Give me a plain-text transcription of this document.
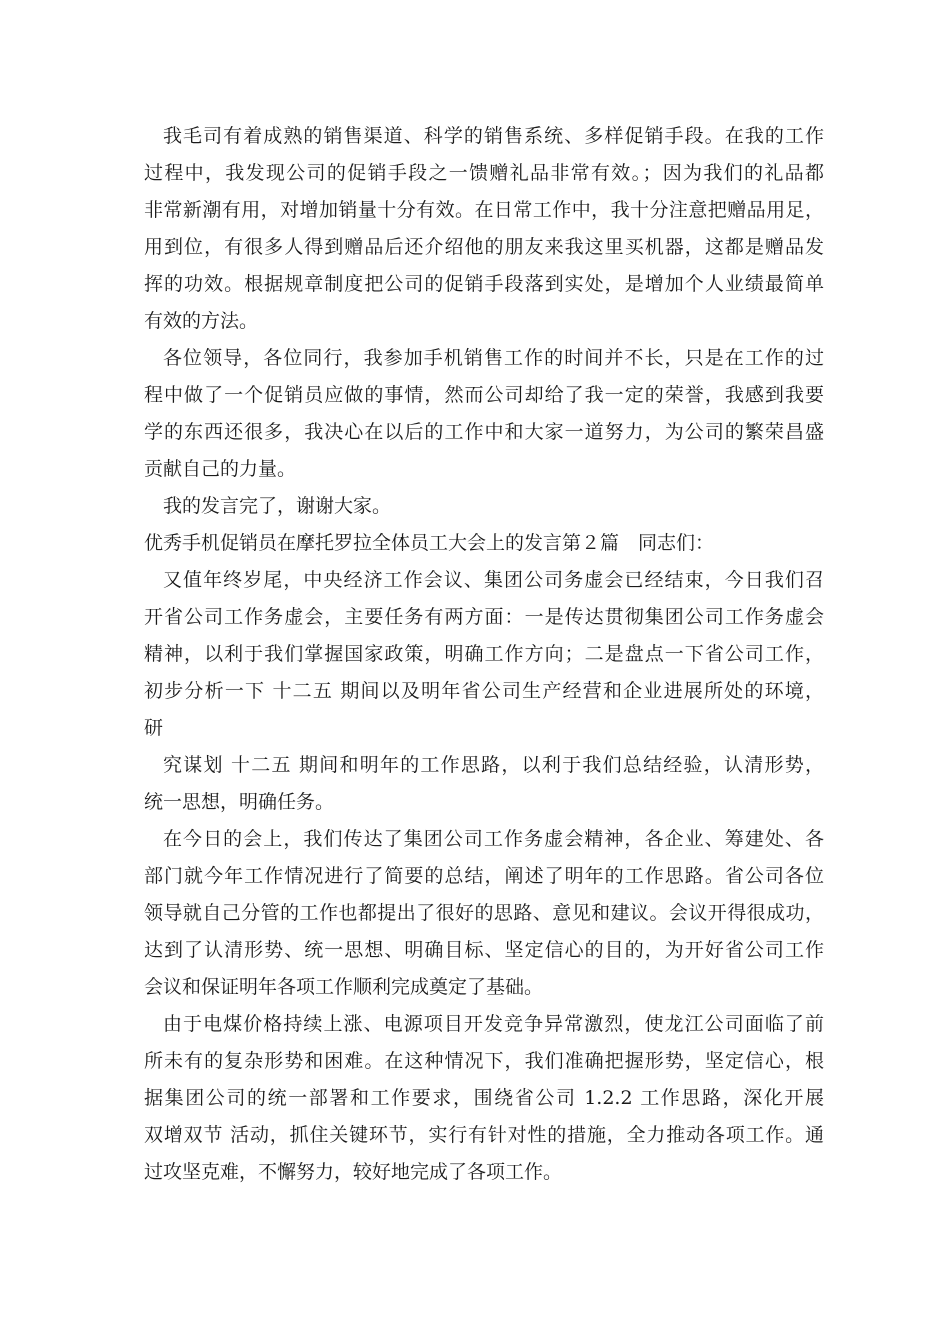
我毛司有着成熟的销售渠道、科学的销售系统、多样促销手段。在我的工作
过程中，我发现公司的促销手段之一馈赠礼品非常有效。；因为我们的礼品都
非常新潮有用，对增加销量十分有效。在日常工作中，我十分注意把赠品用足，
用到位，有很多人得到赠品后还介绍他的朋友来我这里买机器，这都是赠品发
挥的功效。根据规章制度把公司的促销手段落到实处，是增加个人业绩最简单
有效的方法。
各位领导，各位同行，我参加手机销售工作的时间并不长，只是在工作的过
程中做了一个促销员应做的事情，然而公司却给了我一定的荣誉，我感到我要
学的东西还很多，我决心在以后的工作中和大家一道努力，为公司的繁荣昌盛
贡献自己的力量。
我的发言完了，谢谢大家。
优秀手机促销员在摩托罗拉全体员工大会上的发言第２篇　同志们：
又值年终岁尾，中央经济工作会议、集团公司务虚会已经结束，今日我们召
开省公司工作务虚会，主要任务有两方面：一是传达贯彻集团公司工作务虚会
精神，以利于我们掌握国家政策，明确工作方向；二是盘点一下省公司工作，
初步分析一下 十二五 期间以及明年省公司生产经营和企业进展所处的环境，
研
究谋划 十二五 期间和明年的工作思路，以利于我们总结经验，认清形势，
统一思想，明确任务。
在今日的会上，我们传达了集团公司工作务虚会精神，各企业、筹建处、各
部门就今年工作情况进行了简要的总结，阐述了明年的工作思路。省公司各位
领导就自己分管的工作也都提出了很好的思路、意见和建议。会议开得很成功，
达到了认清形势、统一思想、明确目标、坚定信心的目的，为开好省公司工作
会议和保证明年各项工作顺利完成奠定了基础。
由于电煤价格持续上涨、电源项目开发竞争异常激烈，使龙江公司面临了前
所未有的复杂形势和困难。在这种情况下，我们准确把握形势，坚定信心，根
据集团公司的统一部署和工作要求，围绕省公司 1.2.2 工作思路，深化开展
双增双节 活动，抓住关键环节，实行有针对性的措施，全力推动各项工作。通
过攻坚克难，不懈努力，较好地完成了各项工作。
